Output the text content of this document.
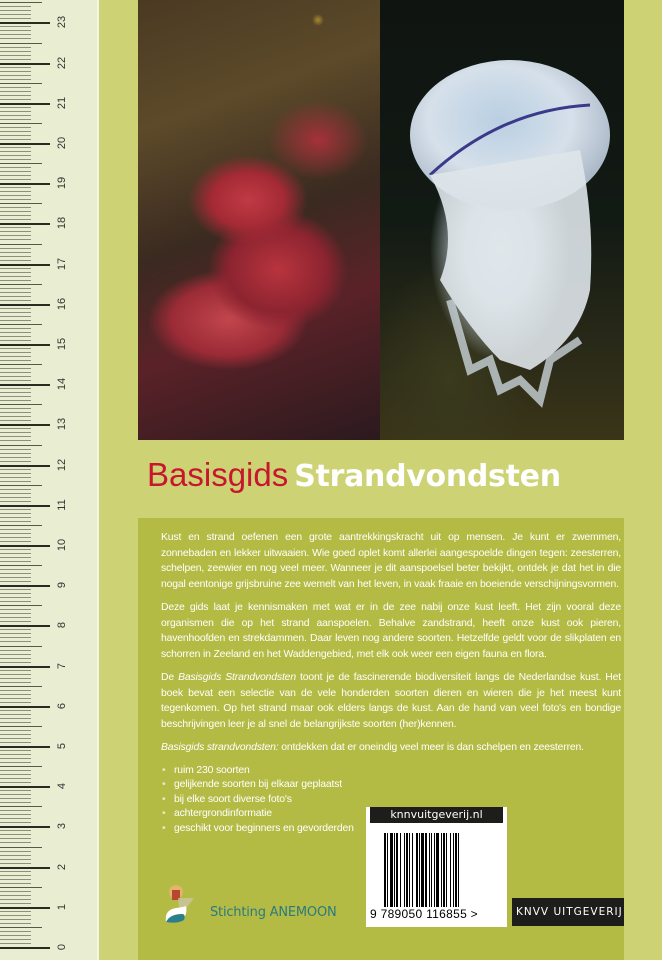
0
1
2
3
4
5
6
7
8
9
10
11
12
13
14
15
16
17
18
19
20
21
22
23
Basisgids Strandvondsten

Kust en strand oefenen een grote aantrekkingskracht uit op mensen. Je kunt er zwemmen, zonnebaden en lekker uitwaaien. Wie goed oplet komt allerlei aangespoelde dingen tegen: zeesterren, schelpen, zeewier en nog veel meer. Wanneer je dit aanspoelsel beter bekijkt, ontdek je dat het in die nogal eentonige grijsbruine zee wemelt van het leven, in vaak fraaie en boeiende verschijningsvormen.

Deze gids laat je kennismaken met wat er in de zee nabij onze kust leeft. Het zijn vooral deze organismen die op het strand aanspoelen. Behalve zandstrand, heeft onze kust ook pieren, havenhoofden en strekdammen. Daar leven nog andere soorten. Hetzelfde geldt voor de slikplaten en schorren in Zeeland en het Waddengebied, met elk ook weer een eigen fauna en flora.

De Basisgids Strandvondsten toont je de fascinerende biodiversiteit langs de Nederlandse kust. Het boek bevat een selectie van de vele honderden soorten dieren en wieren die je het meest kunt tegenkomen. Op het strand maar ook elders langs de kust. Aan de hand van veel foto's en bondige beschrijvingen leer je al snel de belangrijkste soorten (her)kennen.

Basisgids strandvondsten: ontdekken dat er oneindig veel meer is dan schelpen en zeesterren.

• ruim 230 soorten
• gelijkende soorten bij elkaar geplaatst
• bij elke soort diverse foto's
• achtergrondinformatie
• geschikt voor beginners en gevorderden
knnvuitgeverij.nl
9 789050 116855 >	KNVV UITGEVERIJ
Stichting ANEMOON
